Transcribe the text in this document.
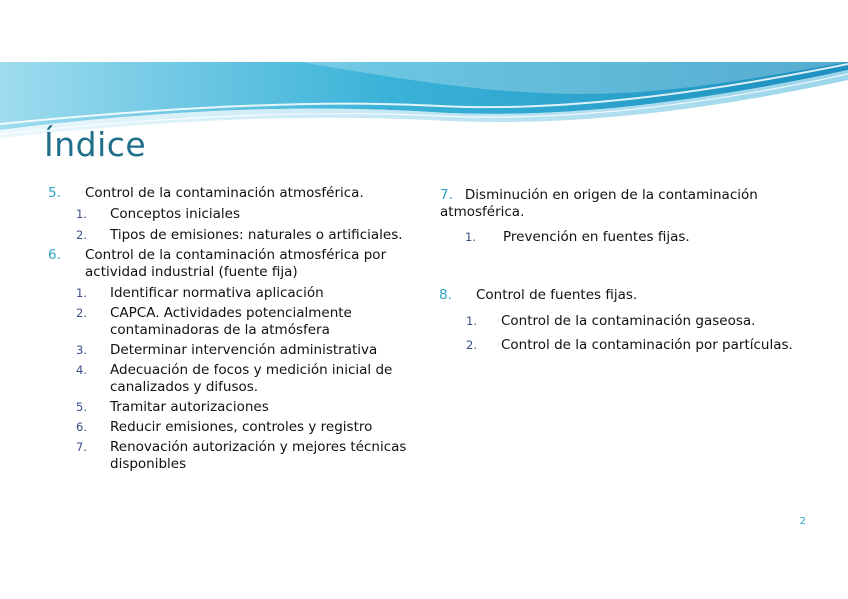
Índice
5. Control de la contaminación atmosférica.
1. Conceptos iniciales
2. Tipos de emisiones: naturales o artificiales.
6. Control de la contaminación atmosférica por
actividad industrial (fuente fija)
1. Identificar normativa aplicación
2. CAPCA. Actividades potencialmente
contaminadoras de la atmósfera
3. Determinar intervención administrativa
4. Adecuación de focos y medición inicial de
canalizados y difusos.
5. Tramitar autorizaciones
6. Reducir emisiones, controles y registro
7. Renovación autorización y mejores técnicas
disponibles
7. Disminución en origen de la contaminación
atmosférica.
1. Prevención en fuentes fijas.
8. Control de fuentes fijas.
1. Control de la contaminación gaseosa.
2. Control de la contaminación por partículas.
2
